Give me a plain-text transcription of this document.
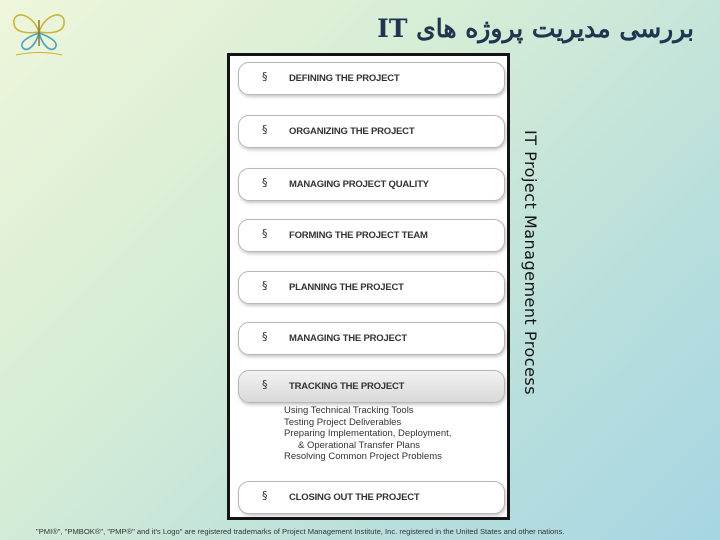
بررسی مدیریت پروژه های IT
§ DEFINING THE PROJECT
§ ORGANIZING THE PROJECT
§ MANAGING PROJECT QUALITY
§ FORMING THE PROJECT TEAM
§ PLANNING THE PROJECT
§ MANAGING THE PROJECT
§ TRACKING THE PROJECT
Using Technical Tracking Tools
Testing Project Deliverables
Preparing Implementation, Deployment,
& Operational Transfer Plans
Resolving Common Project Problems
§ CLOSING OUT THE PROJECT
IT Project Management Process
"PMI®", "PMBOK®", "PMP®" and it's Logo" are registered trademarks of Project Management Institute, Inc. registered in the United States and other nations.
